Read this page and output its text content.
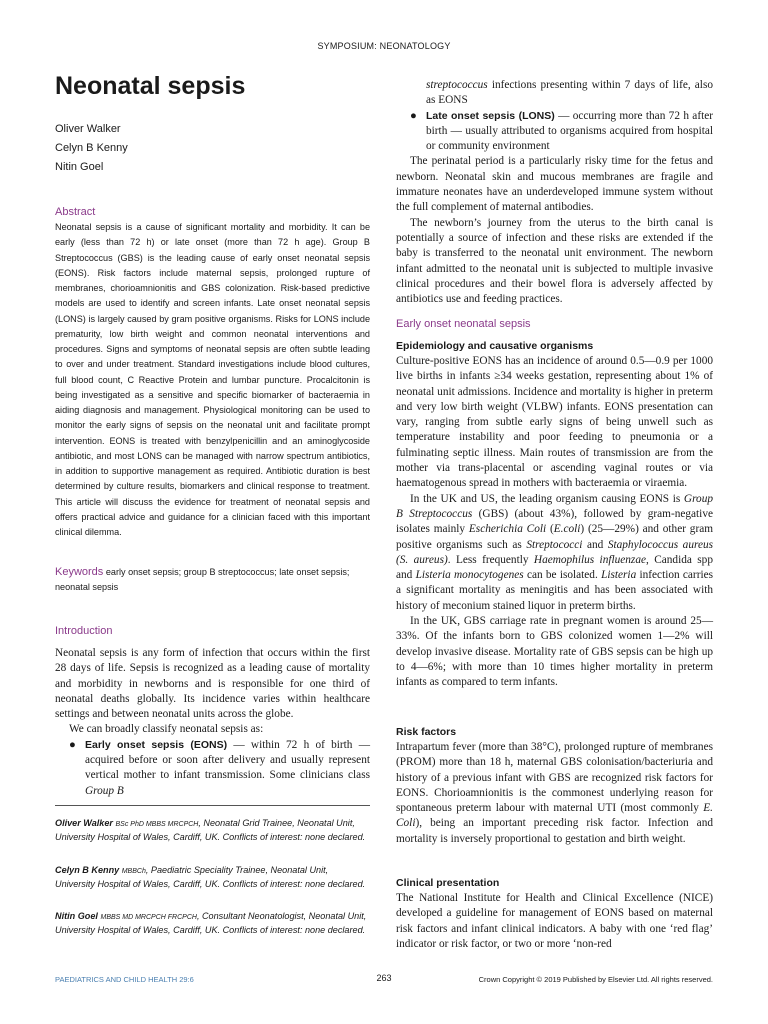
SYMPOSIUM: NEONATOLOGY
Neonatal sepsis
Oliver Walker
Celyn B Kenny
Nitin Goel
Abstract
Neonatal sepsis is a cause of significant mortality and morbidity. It can be early (less than 72 h) or late onset (more than 72 h age). Group B Streptococcus (GBS) is the leading cause of early onset neonatal sepsis (EONS). Risk factors include maternal sepsis, prolonged rupture of membranes, chorioamnionitis and GBS colonization. Risk-based predictive models are used to identify and screen infants. Late onset neonatal sepsis (LONS) is largely caused by gram positive organisms. Risks for LONS include prematurity, low birth weight and common neonatal interventions and procedures. Signs and symptoms of neonatal sepsis are often subtle leading to over and under treatment. Standard investigations include blood cultures, full blood count, C Reactive Protein and lumbar puncture. Procalcitonin is being investigated as a sensitive and specific biomarker of bacteraemia in aiding diagnosis and management. Physiological monitoring can be used to monitor the early signs of sepsis on the neonatal unit and facilitate prompt intervention. EONS is treated with benzylpenicillin and an aminoglycoside antibiotic, and most LONS can be managed with narrow spectrum antibiotics, in addition to supportive management as required. Antibiotic duration is best determined by culture results, biomarkers and clinical response to treatment. This article will discuss the evidence for treatment of neonatal sepsis and offers practical advice and guidance for a clinician faced with this important clinical dilemma.
Keywords early onset sepsis; group B streptococcus; late onset sepsis; neonatal sepsis
Introduction

Neonatal sepsis is any form of infection that occurs within the first 28 days of life. Sepsis is recognized as a leading cause of mortality and morbidity in newborns and is responsible for one third of neonatal deaths globally. Its incidence varies within healthcare settings and between neonatal units across the globe.

We can broadly classify neonatal sepsis as:

● Early onset sepsis (EONS) — within 72 h of birth — acquired before or soon after delivery and usually represent vertical mother to infant transmission. Some clinicians class Group B
Oliver Walker BSc PhD MBBS MRCPCH, Neonatal Grid Trainee, Neonatal Unit, University Hospital of Wales, Cardiff, UK. Conflicts of interest: none declared.
Celyn B Kenny MBBCh, Paediatric Speciality Trainee, Neonatal Unit, University Hospital of Wales, Cardiff, UK. Conflicts of interest: none declared.
Nitin Goel MBBS MD MRCPCH FRCPCH, Consultant Neonatologist, Neonatal Unit, University Hospital of Wales, Cardiff, UK. Conflicts of interest: none declared.
streptococcus infections presenting within 7 days of life, also as EONS
● Late onset sepsis (LONS) — occurring more than 72 h after birth — usually attributed to organisms acquired from hospital or community environment

The perinatal period is a particularly risky time for the fetus and newborn. Neonatal skin and mucous membranes are fragile and immature neonates have an underdeveloped immune system without the full complement of maternal antibodies.

The newborn’s journey from the uterus to the birth canal is potentially a source of infection and these risks are extended if the baby is transferred to the neonatal unit environment. The newborn infant admitted to the neonatal unit is subjected to multiple invasive clinical procedures and their bowel flora is adversely affected by antibiotics use and feeding practices.

Early onset neonatal sepsis
Epidemiology and causative organisms

Culture-positive EONS has an incidence of around 0.5—0.9 per 1000 live births in infants ≥34 weeks gestation, representing about 1% of neonatal unit admissions. Incidence and mortality is higher in preterm and very low birth weight (VLBW) infants. EONS presentation can vary, ranging from subtle early signs of being unwell such as temperature instability and poor feeding to pneumonia or a fulminating septic illness. Main routes of transmission are from the mother via trans-placental or ascending vaginal routes or via haematogenous spread in mothers with bacteraemia or viraemia.

In the UK and US, the leading organism causing EONS is Group B Streptococcus (GBS) (about 43%), followed by gram-negative isolates mainly Escherichia Coli (E.coli) (25—29%) and other gram positive organisms such as Streptococci and Staphylococcus aureus (S. aureus). Less frequently Haemophilus influenzae, Candida spp and Listeria monocytogenes can be isolated. Listeria infection carries a significant mortality as meningitis and has been associated with history of meconium stained liquor in preterm births.

In the UK, GBS carriage rate in pregnant women is around 25—33%. Of the infants born to GBS colonized women 1—2% will develop invasive disease. Mortality rate of GBS sepsis can be high up to 4—6%; with more than 10 times higher mortality in preterm infants as compared to term infants.

Risk factors

Intrapartum fever (more than 38°C), prolonged rupture of membranes (PROM) more than 18 h, maternal GBS colonisation/bacteriuria and history of a previous infant with GBS are recognized risk factors for EONS. Chorioamnionitis is the commonest underlying reason for spontaneous preterm labour with maternal UTI (most commonly E. Coli), being an important preceding risk factor. Infection and mortality is inversely proportional to gestation and birth weight.

Clinical presentation

The National Institute for Health and Clinical Excellence (NICE) developed a guideline for management of EONS based on maternal risk factors and infant clinical indicators. A baby with one ‘red flag’ indicator or risk factor, or two or more ‘non-red

PAEDIATRICS AND CHILD HEALTH 29:6	263	Crown Copyright © 2019 Published by Elsevier Ltd. All rights reserved.
